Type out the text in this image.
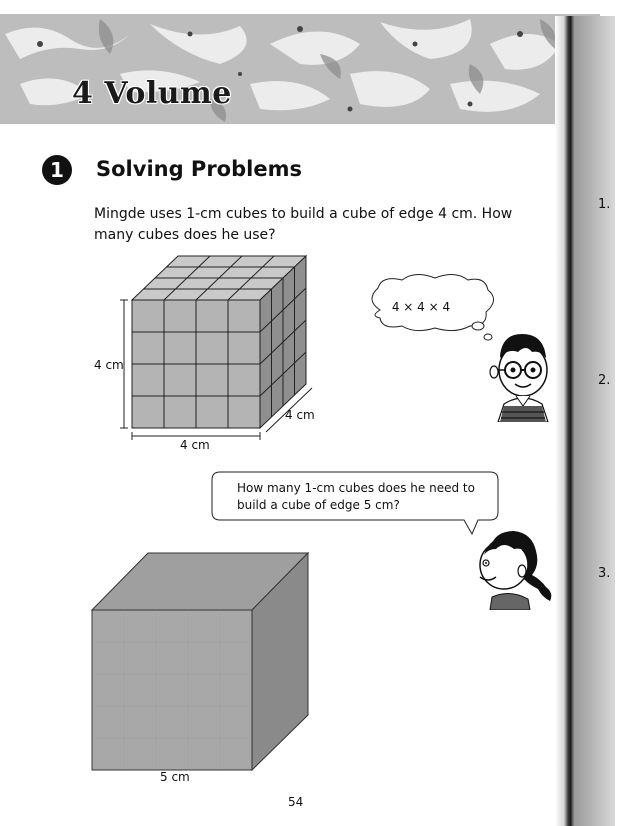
4 Volume
1	Solving Problems
Mingde uses 1-cm cubes to build a cube of edge 4 cm. How many cubes does he use?
1.
2.
3.
4 cm
4 cm
4 cm
4 × 4 × 4
How many 1-cm cubes does he need to build a cube of edge 5 cm?
5 cm
54
